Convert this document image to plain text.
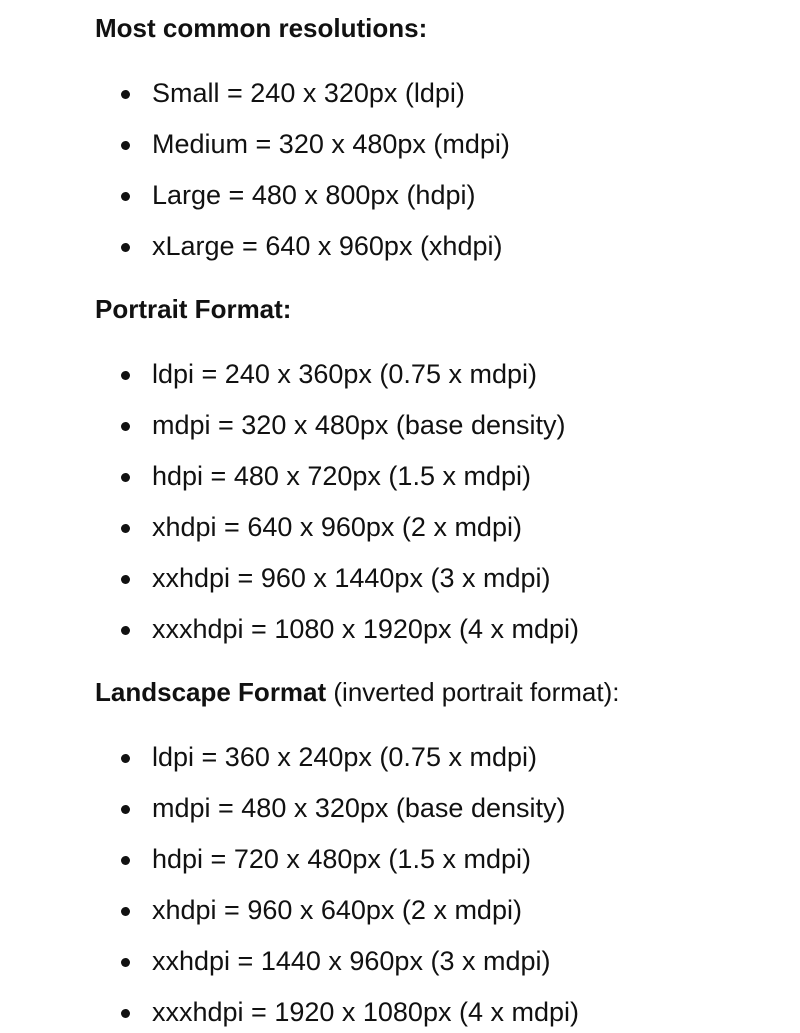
Most common resolutions:

Small = 240 x 320px (ldpi)
Medium = 320 x 480px (mdpi)
Large = 480 x 800px (hdpi)
xLarge = 640 x 960px (xhdpi)

Portrait Format:

ldpi = 240 x 360px (0.75 x mdpi)
mdpi = 320 x 480px (base density)
hdpi = 480 x 720px (1.5 x mdpi)
xhdpi = 640 x 960px (2 x mdpi)
xxhdpi = 960 x 1440px (3 x mdpi)
xxxhdpi = 1080 x 1920px (4 x mdpi)

Landscape Format (inverted portrait format):

ldpi = 360 x 240px (0.75 x mdpi)
mdpi = 480 x 320px (base density)
hdpi = 720 x 480px (1.5 x mdpi)
xhdpi = 960 x 640px (2 x mdpi)
xxhdpi = 1440 x 960px (3 x mdpi)
xxxhdpi = 1920 x 1080px (4 x mdpi)
